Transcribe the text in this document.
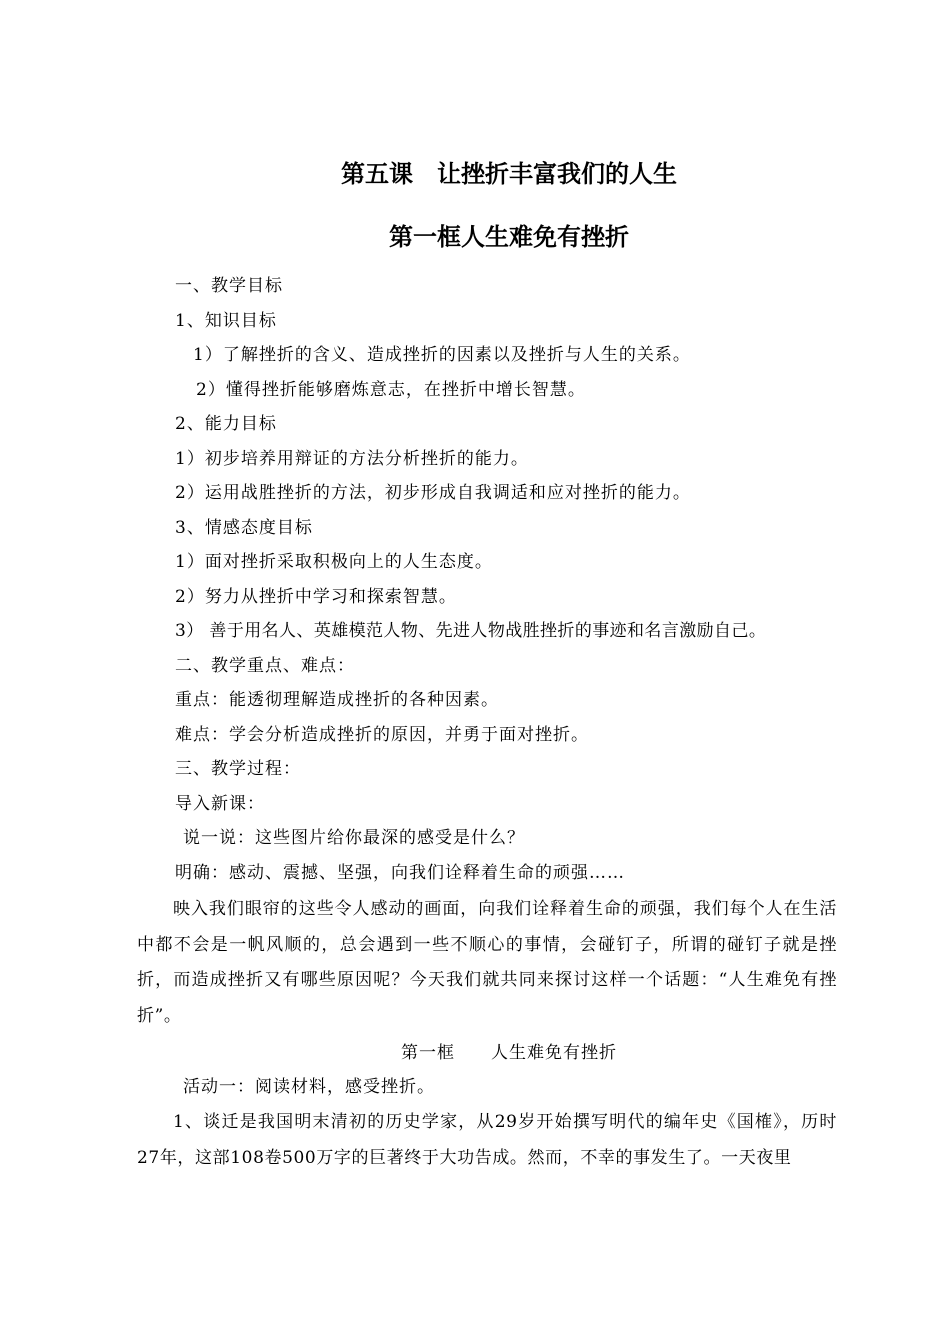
第五课　让挫折丰富我们的人生
第一框人生难免有挫折
一、教学目标
1、知识目标
1）了解挫折的含义、造成挫折的因素以及挫折与人生的关系。
2）懂得挫折能够磨炼意志，在挫折中增长智慧。
2、能力目标
1）初步培养用辩证的方法分析挫折的能力。
2）运用战胜挫折的方法，初步形成自我调适和应对挫折的能力。
3、情感态度目标
1）面对挫折采取积极向上的人生态度。
2）努力从挫折中学习和探索智慧。
3） 善于用名人、英雄模范人物、先进人物战胜挫折的事迹和名言激励自己。
二、教学重点、难点：
重点：能透彻理解造成挫折的各种因素。
难点：学会分析造成挫折的原因，并勇于面对挫折。
三、教学过程：
导入新课：
说一说：这些图片给你最深的感受是什么？
明确：感动、震撼、坚强，向我们诠释着生命的顽强……
映入我们眼帘的这些令人感动的画面，向我们诠释着生命的顽强，我们每个人在生活中都不会是一帆风顺的，总会遇到一些不顺心的事情，会碰钉子，所谓的碰钉子就是挫折，而造成挫折又有哪些原因呢？今天我们就共同来探讨这样一个话题：“人生难免有挫折”。
第一框　　人生难免有挫折
活动一：阅读材料，感受挫折。
1、谈迁是我国明末清初的历史学家，从29岁开始撰写明代的编年史《国榷》，历时27年，这部108卷500万字的巨著终于大功告成。然而，不幸的事发生了。一天夜里
